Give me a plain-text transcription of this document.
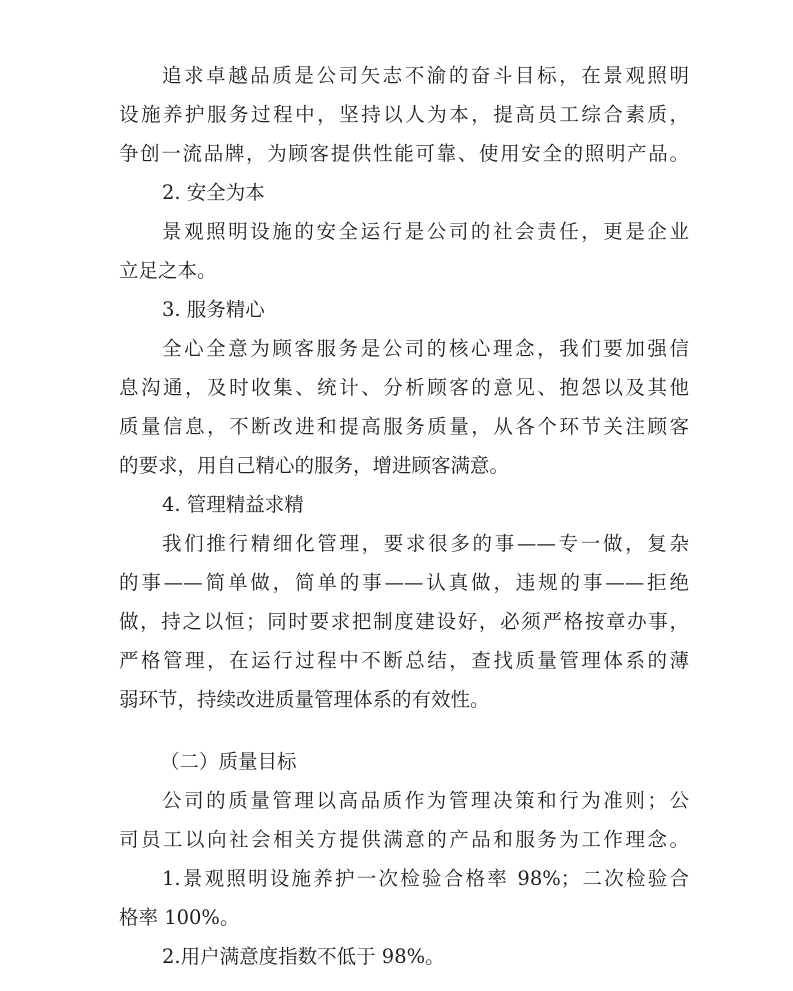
追求卓越品质是公司矢志不渝的奋斗目标，在景观照明
设施养护服务过程中，坚持以人为本，提高员工综合素质，
争创一流品牌，为顾客提供性能可靠、使用安全的照明产品。
2. 安全为本
景观照明设施的安全运行是公司的社会责任，更是企业
立足之本。
3. 服务精心
全心全意为顾客服务是公司的核心理念，我们要加强信
息沟通，及时收集、统计、分析顾客的意见、抱怨以及其他
质量信息，不断改进和提高服务质量，从各个环节关注顾客
的要求，用自己精心的服务，增进顾客满意。
4. 管理精益求精
我们推行精细化管理，要求很多的事——专一做，复杂
的事——简单做，简单的事——认真做，违规的事——拒绝
做，持之以恒；同时要求把制度建设好，必须严格按章办事，
严格管理，在运行过程中不断总结，查找质量管理体系的薄
弱环节，持续改进质量管理体系的有效性。
（二）质量目标
公司的质量管理以高品质作为管理决策和行为准则；公
司员工以向社会相关方提供满意的产品和服务为工作理念。
1.景观照明设施养护一次检验合格率 98%；二次检验合
格率 100%。
2.用户满意度指数不低于 98%。
